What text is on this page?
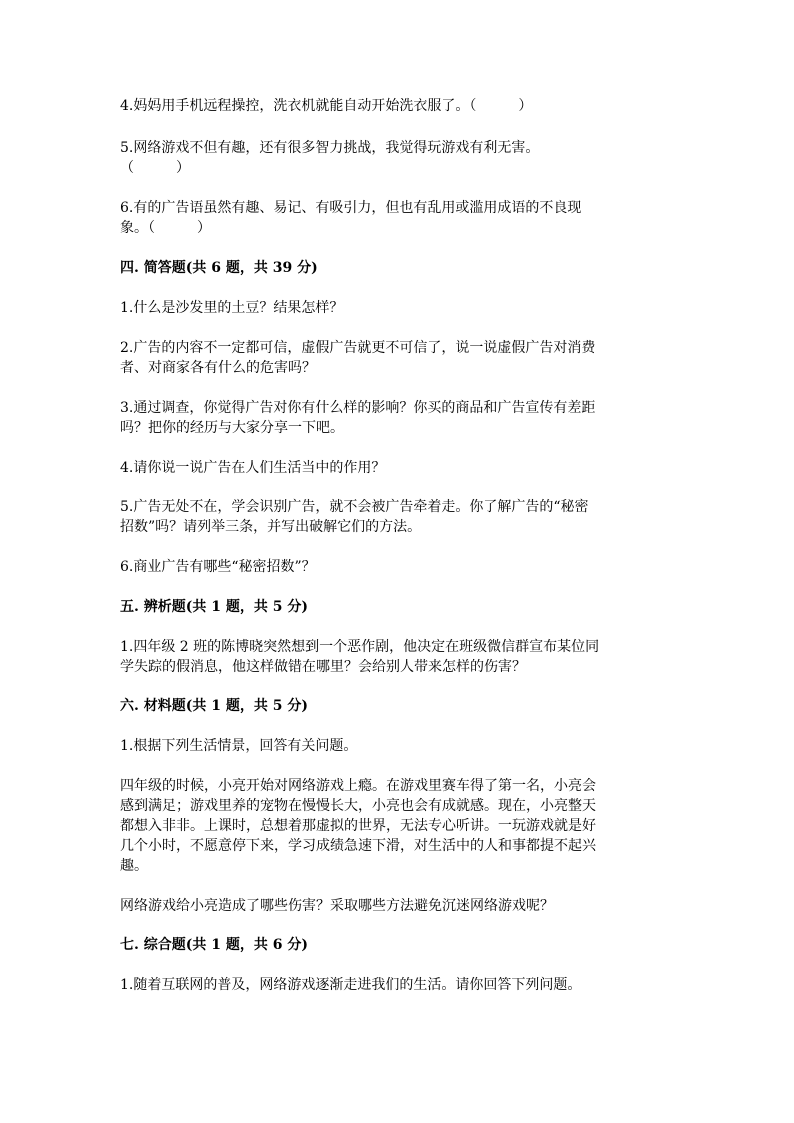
4.妈妈用手机远程操控，洗衣机就能自动开始洗衣服了。（　　　）
5.网络游戏不但有趣，还有很多智力挑战，我觉得玩游戏有利无害。
（　　　）
6.有的广告语虽然有趣、易记、有吸引力，但也有乱用或滥用成语的不良现
象。（　　　）
四. 简答题(共 6 题，共 39 分)
1.什么是沙发里的土豆？结果怎样？
2.广告的内容不一定都可信，虚假广告就更不可信了，说一说虚假广告对消费
者、对商家各有什么的危害吗？
3.通过调查，你觉得广告对你有什么样的影响？你买的商品和广告宣传有差距
吗？把你的经历与大家分享一下吧。
4.请你说一说广告在人们生活当中的作用？
5.广告无处不在，学会识别广告，就不会被广告牵着走。你了解广告的“秘密
招数”吗？请列举三条，并写出破解它们的方法。
6.商业广告有哪些“秘密招数”？
五. 辨析题(共 1 题，共 5 分)
1.四年级 2 班的陈博晓突然想到一个恶作剧，他决定在班级微信群宣布某位同
学失踪的假消息，他这样做错在哪里？会给别人带来怎样的伤害？
六. 材料题(共 1 题，共 5 分)
1.根据下列生活情景，回答有关问题。
四年级的时候，小亮开始对网络游戏上瘾。在游戏里赛车得了第一名，小亮会
感到满足；游戏里养的宠物在慢慢长大，小亮也会有成就感。现在，小亮整天
都想入非非。上课时，总想着那虚拟的世界，无法专心听讲。一玩游戏就是好
几个小时，不愿意停下来，学习成绩急速下滑，对生活中的人和事都提不起兴
趣。
网络游戏给小亮造成了哪些伤害？采取哪些方法避免沉迷网络游戏呢？
七. 综合题(共 1 题，共 6 分)
1.随着互联网的普及，网络游戏逐渐走进我们的生活。请你回答下列问题。
